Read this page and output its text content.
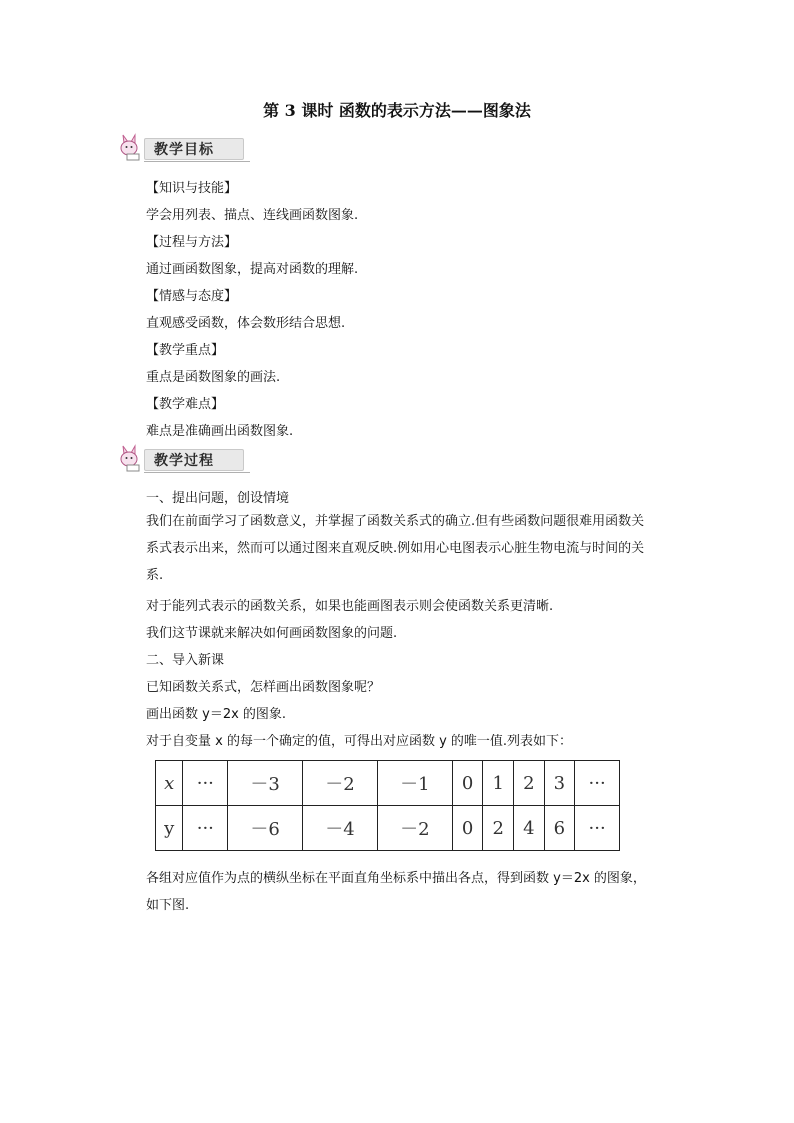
第 3 课时 函数的表示方法——图象法
教学目标
【知识与技能】
学会用列表、描点、连线画函数图象.
【过程与方法】
通过画函数图象，提高对函数的理解.
【情感与态度】
直观感受函数，体会数形结合思想.
【教学重点】
重点是函数图象的画法.
【教学难点】
难点是准确画出函数图象.
教学过程
一、提出问题，创设情境
我们在前面学习了函数意义，并掌握了函数关系式的确立.但有些函数问题很难用函数关系式表示出来，然而可以通过图来直观反映.例如用心电图表示心脏生物电流与时间的关系.
对于能列式表示的函数关系，如果也能画图表示则会使函数关系更清晰.
我们这节课就来解决如何画函数图象的问题.
二、导入新课
已知函数关系式，怎样画出函数图象呢？
画出函数 y＝2x 的图象.
对于自变量 x 的每一个确定的值，可得出对应函数 y 的唯一值.列表如下：
x	···	－3	－2	－1	0	1	2	3	···
y	···	－6	－4	－2	0	2	4	6	···
各组对应值作为点的横纵坐标在平面直角坐标系中描出各点，得到函数 y＝2x 的图象，如下图.
